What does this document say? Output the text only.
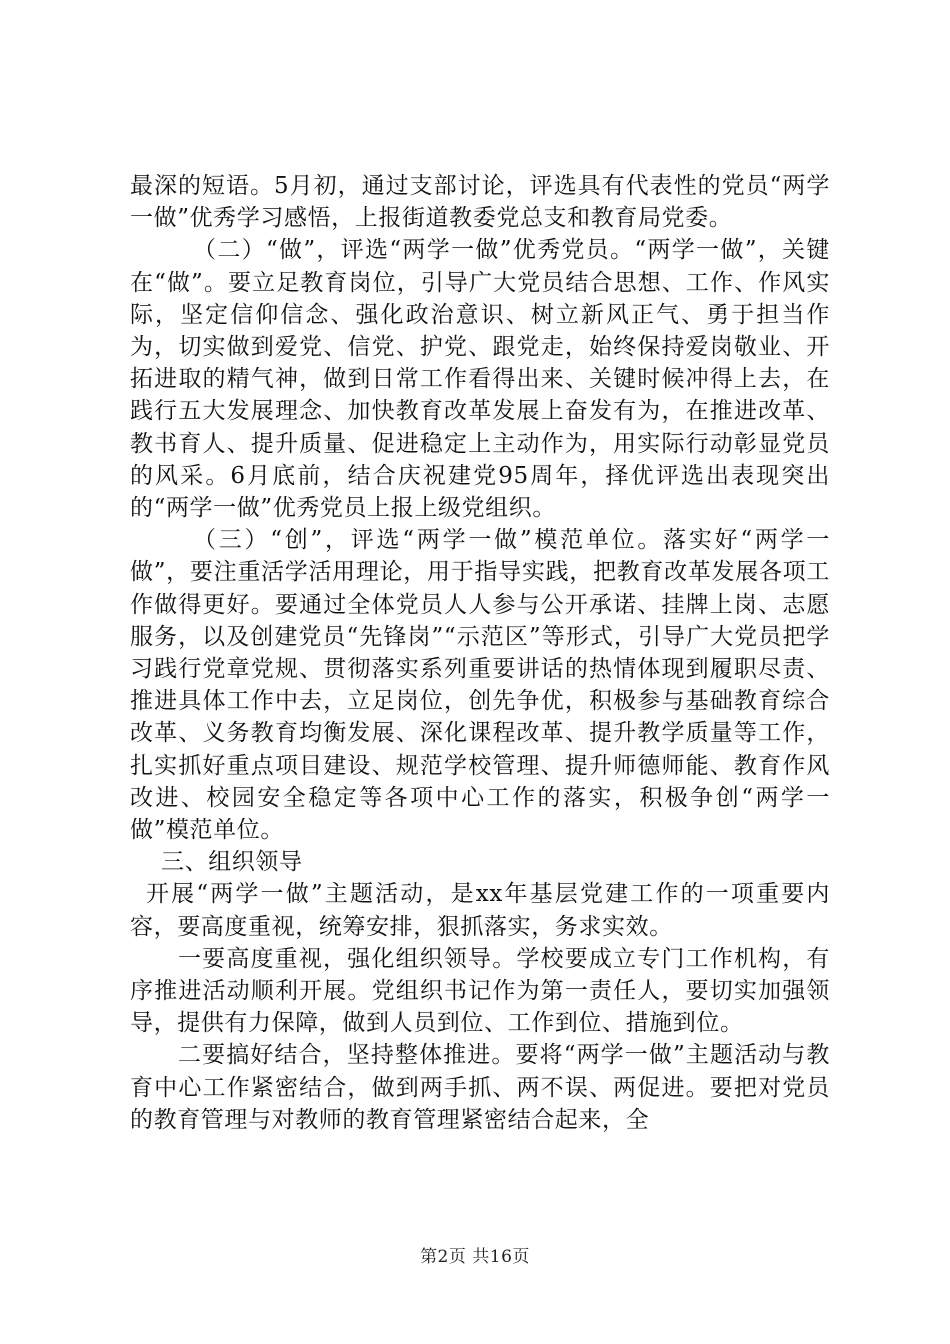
最深的短语。5月初，通过支部讨论，评选具有代表性的党员“两学一做”优秀学习感悟，上报街道教委党总支和教育局党委。

（二）“做”，评选“两学一做”优秀党员。“两学一做”，关键在“做”。要立足教育岗位，引导广大党员结合思想、工作、作风实际，坚定信仰信念、强化政治意识、树立新风正气、勇于担当作为，切实做到爱党、信党、护党、跟党走，始终保持爱岗敬业、开拓进取的精气神，做到日常工作看得出来、关键时候冲得上去，在践行五大发展理念、加快教育改革发展上奋发有为，在推进改革、教书育人、提升质量、促进稳定上主动作为，用实际行动彰显党员的风采。6月底前，结合庆祝建党95周年，择优评选出表现突出的“两学一做”优秀党员上报上级党组织。

（三）“创”，评选“两学一做”模范单位。落实好“两学一做”，要注重活学活用理论，用于指导实践，把教育改革发展各项工作做得更好。要通过全体党员人人参与公开承诺、挂牌上岗、志愿服务，以及创建党员“先锋岗”“示范区”等形式，引导广大党员把学习践行党章党规、贯彻落实系列重要讲话的热情体现到履职尽责、推进具体工作中去，立足岗位，创先争优，积极参与基础教育综合改革、义务教育均衡发展、深化课程改革、提升教学质量等工作，扎实抓好重点项目建设、规范学校管理、提升师德师能、教育作风改进、校园安全稳定等各项中心工作的落实，积极争创“两学一做”模范单位。

三、组织领导

开展“两学一做”主题活动，是xx年基层党建工作的一项重要内容，要高度重视，统筹安排，狠抓落实，务求实效。

一要高度重视，强化组织领导。学校要成立专门工作机构，有序推进活动顺利开展。党组织书记作为第一责任人，要切实加强领导，提供有力保障，做到人员到位、工作到位、措施到位。

二要搞好结合，坚持整体推进。要将“两学一做”主题活动与教育中心工作紧密结合，做到两手抓、两不误、两促进。要把对党员的教育管理与对教师的教育管理紧密结合起来，全

第2页 共16页
